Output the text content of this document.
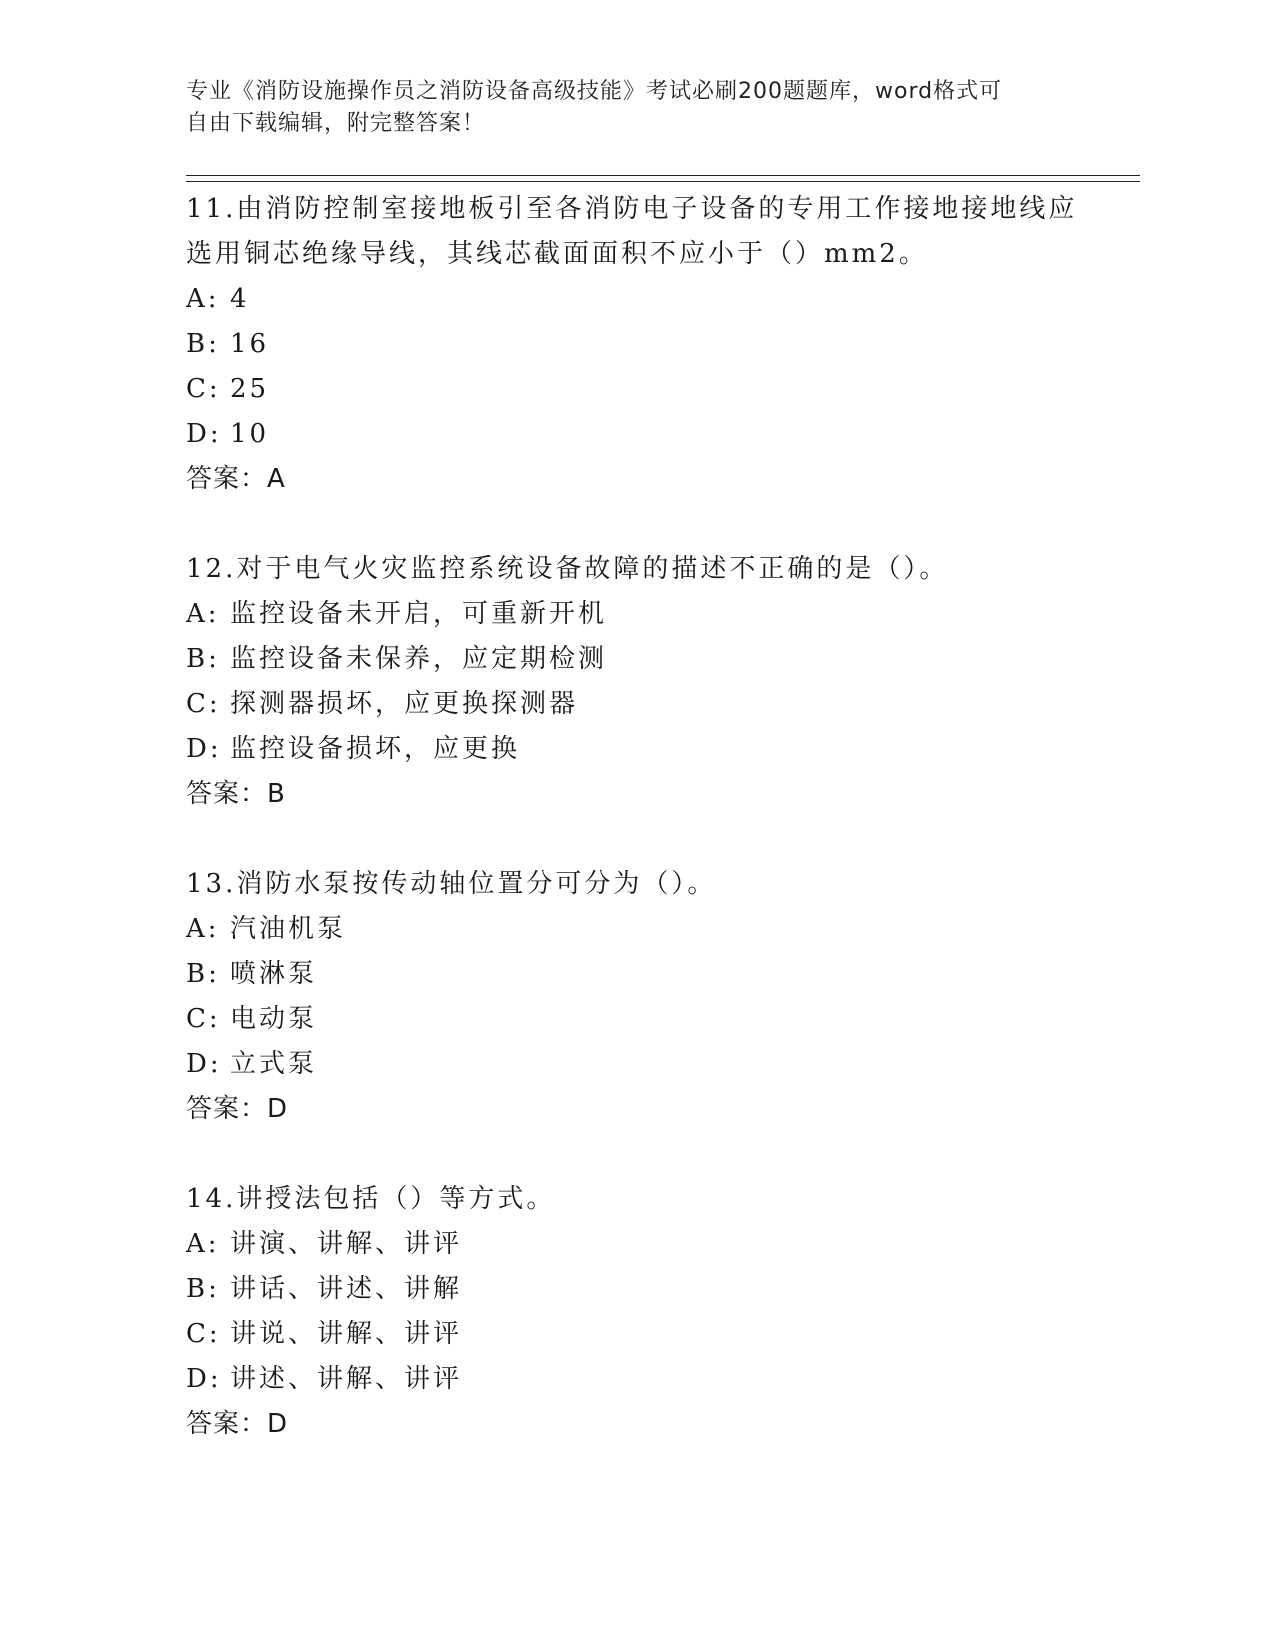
专业《消防设施操作员之消防设备高级技能》考试必刷200题题库，word格式可
自由下载编辑，附完整答案！
11.由消防控制室接地板引至各消防电子设备的专用工作接地接地线应
选用铜芯绝缘导线，其线芯截面面积不应小于（）mm2。
A: 4
B: 16
C: 25
D: 10
答案：A
12.对于电气火灾监控系统设备故障的描述不正确的是（）。
A: 监控设备未开启，可重新开机
B: 监控设备未保养，应定期检测
C: 探测器损坏，应更换探测器
D: 监控设备损坏，应更换
答案：B
13.消防水泵按传动轴位置分可分为（）。
A: 汽油机泵
B: 喷淋泵
C: 电动泵
D: 立式泵
答案：D
14.讲授法包括（）等方式。
A: 讲演、讲解、讲评
B: 讲话、讲述、讲解
C: 讲说、讲解、讲评
D: 讲述、讲解、讲评
答案：D
